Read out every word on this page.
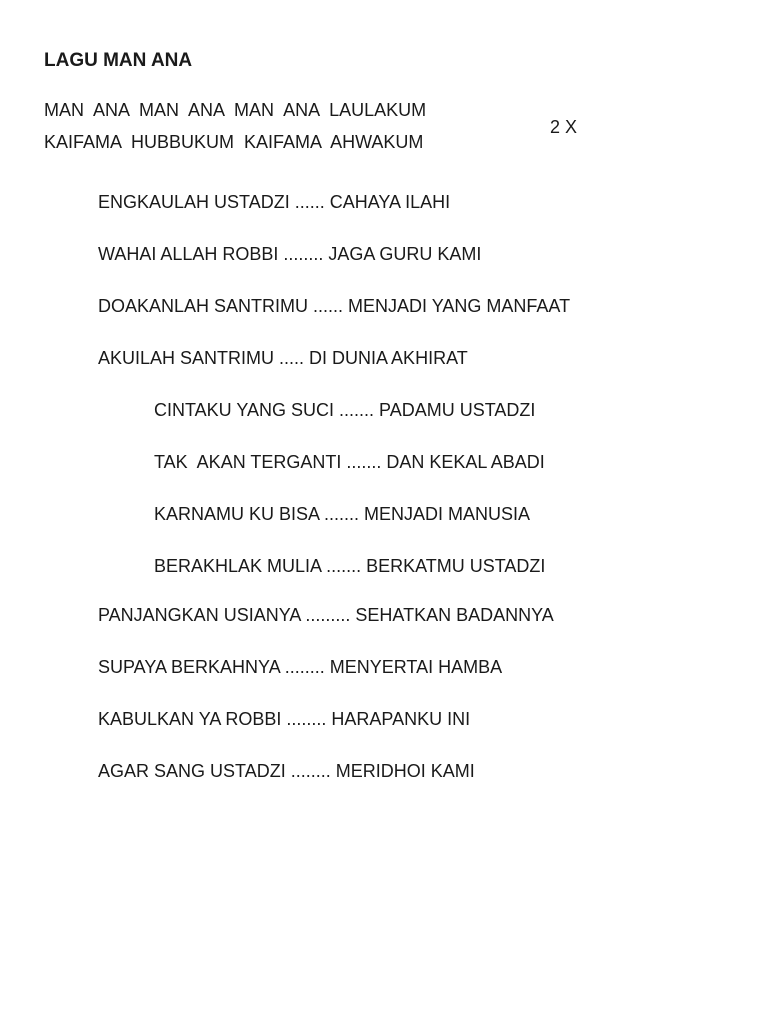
LAGU MAN ANA
MAN  ANA  MAN  ANA  MAN  ANA  LAULAKUM
KAIFAMA  HUBBUKUM  KAIFAMA  AHWAKUM
2 X
ENGKAULAH USTADZI ...... CAHAYA ILAHI
WAHAI ALLAH ROBBI ........ JAGA GURU KAMI
DOAKANLAH SANTRIMU ...... MENJADI YANG MANFAAT
AKUILAH SANTRIMU ..... DI DUNIA AKHIRAT
CINTAKU YANG SUCI ....... PADAMU USTADZI
TAK  AKAN TERGANTI ....... DAN KEKAL ABADI
KARNAMU KU BISA ....... MENJADI MANUSIA
BERAKHLAK MULIA ....... BERKATMU USTADZI
PANJANGKAN USIANYA ......... SEHATKAN BADANNYA
SUPAYA BERKAHNYA ........ MENYERTAI HAMBA
KABULKAN YA ROBBI ........ HARAPANKU INI
AGAR SANG USTADZI ........ MERIDHOI KAMI
